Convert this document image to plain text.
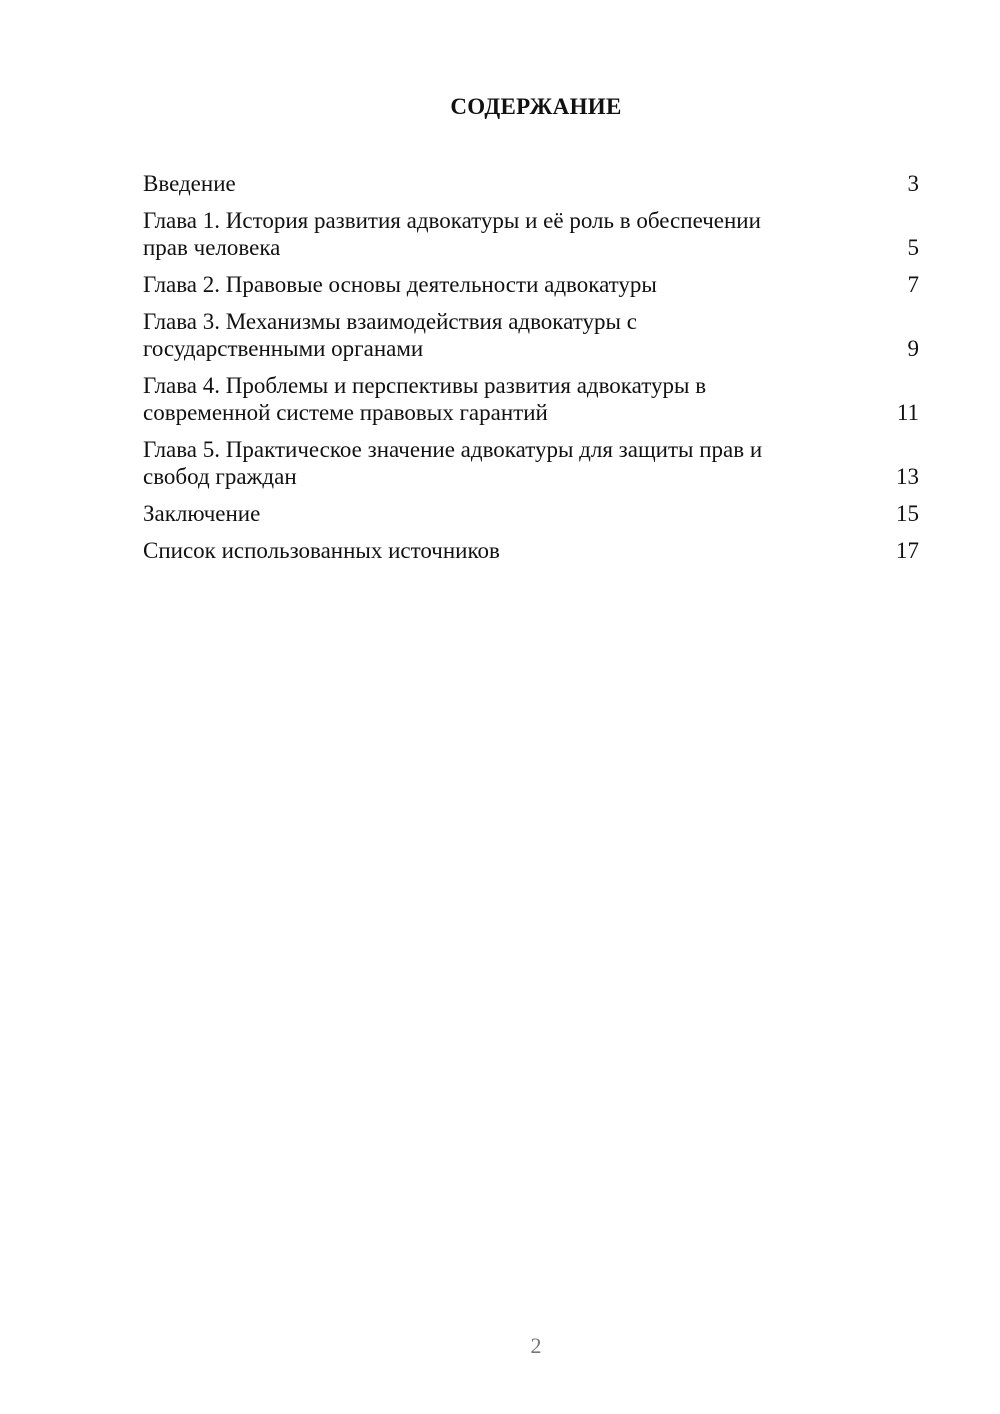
СОДЕРЖАНИЕ
Введение	3
Глава 1. История развития адвокатуры и её роль в обеспечении
прав человека	5
Глава 2. Правовые основы деятельности адвокатуры	7
Глава 3. Механизмы взаимодействия адвокатуры с
государственными органами	9
Глава 4. Проблемы и перспективы развития адвокатуры в
современной системе правовых гарантий	11
Глава 5. Практическое значение адвокатуры для защиты прав и
свобод граждан	13
Заключение	15
Список использованных источников	17
2
